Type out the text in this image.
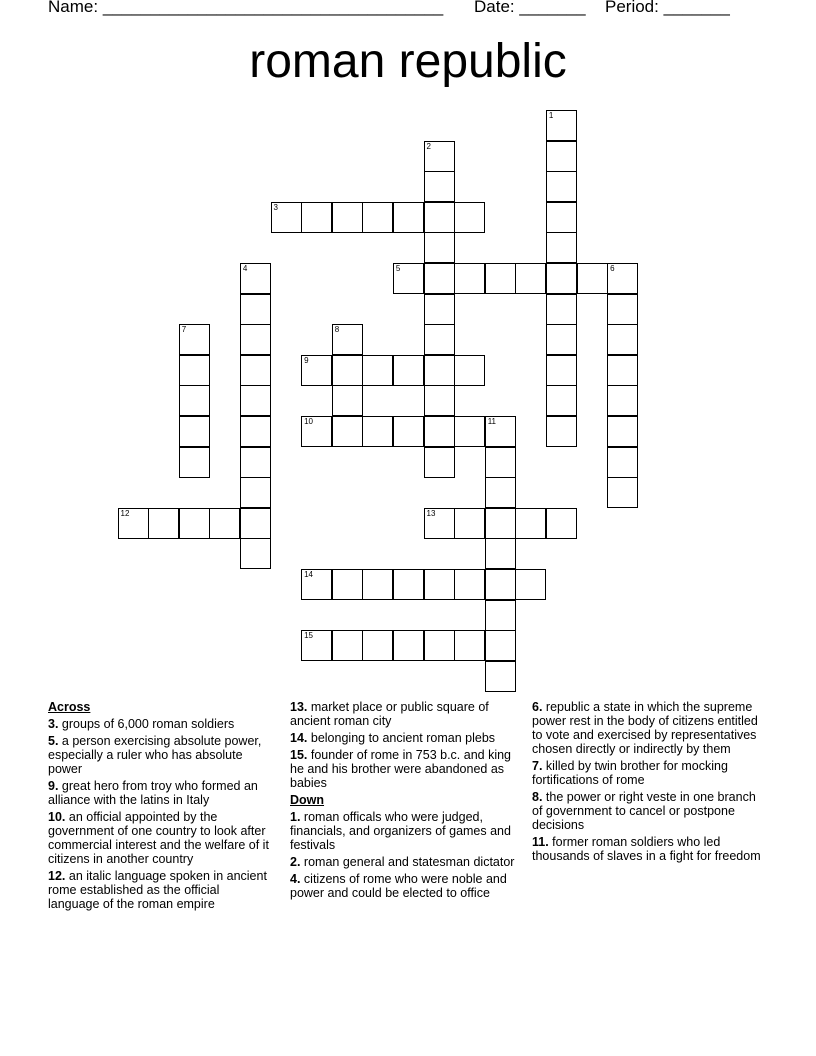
Name: ____________________________________ Date: _______ Period: _______
roman republic
1
2
3
4	5	6
7	8
9
10	11
12	13
14
15
Across
3. groups of 6,000 roman soldiers
5. a person exercising absolute power, especially a ruler who has absolute power
9. great hero from troy who formed an alliance with the latins in Italy
10. an official appointed by the government of one country to look after commercial interest and the welfare of it citizens in another country
12. an italic language spoken in ancient rome established as the official language of the roman empire
13. market place or public square of ancient roman city
14. belonging to ancient roman plebs
15. founder of rome in 753 b.c. and king he and his brother were abandoned as babies
Down
1. roman officals who were judged, financials, and organizers of games and festivals
2. roman general and statesman dictator
4. citizens of rome who were noble and power and could be elected to office
6. republic a state in which the supreme power rest in the body of citizens entitled to vote and exercised by representatives chosen directly or indirectly by them
7. killed by twin brother for mocking fortifications of rome
8. the power or right veste in one branch of government to cancel or postpone decisions
11. former roman soldiers who led thousands of slaves in a fight for freedom
